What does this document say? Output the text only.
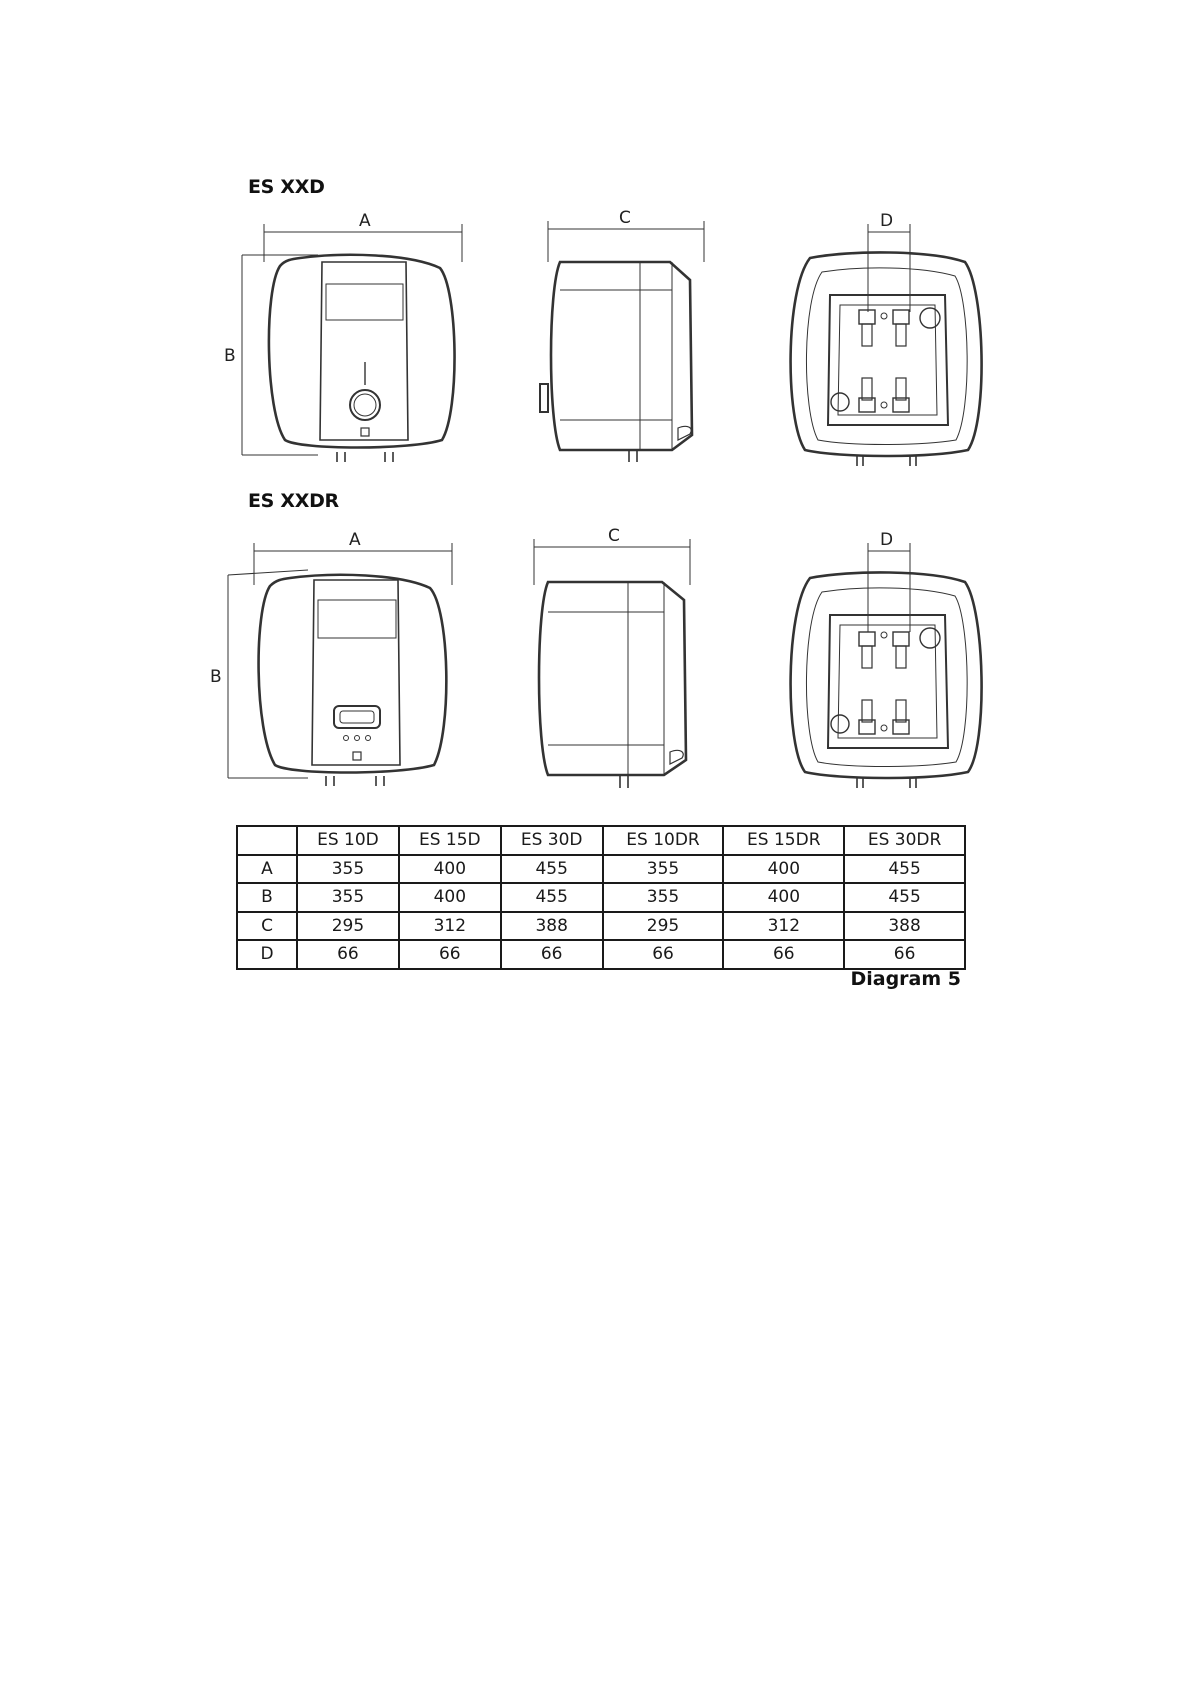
ES XXD
ES XXDR
A
B
C	D
A
B
C	D
	ES 10D	ES 15D	ES 30D	ES 10DR	ES 15DR	ES 30DR
A	355	400	455	355	400	455
B	355	400	455	355	400	455
C	295	312	388	295	312	388
D	66	66	66	66	66	66
Diagram 5
